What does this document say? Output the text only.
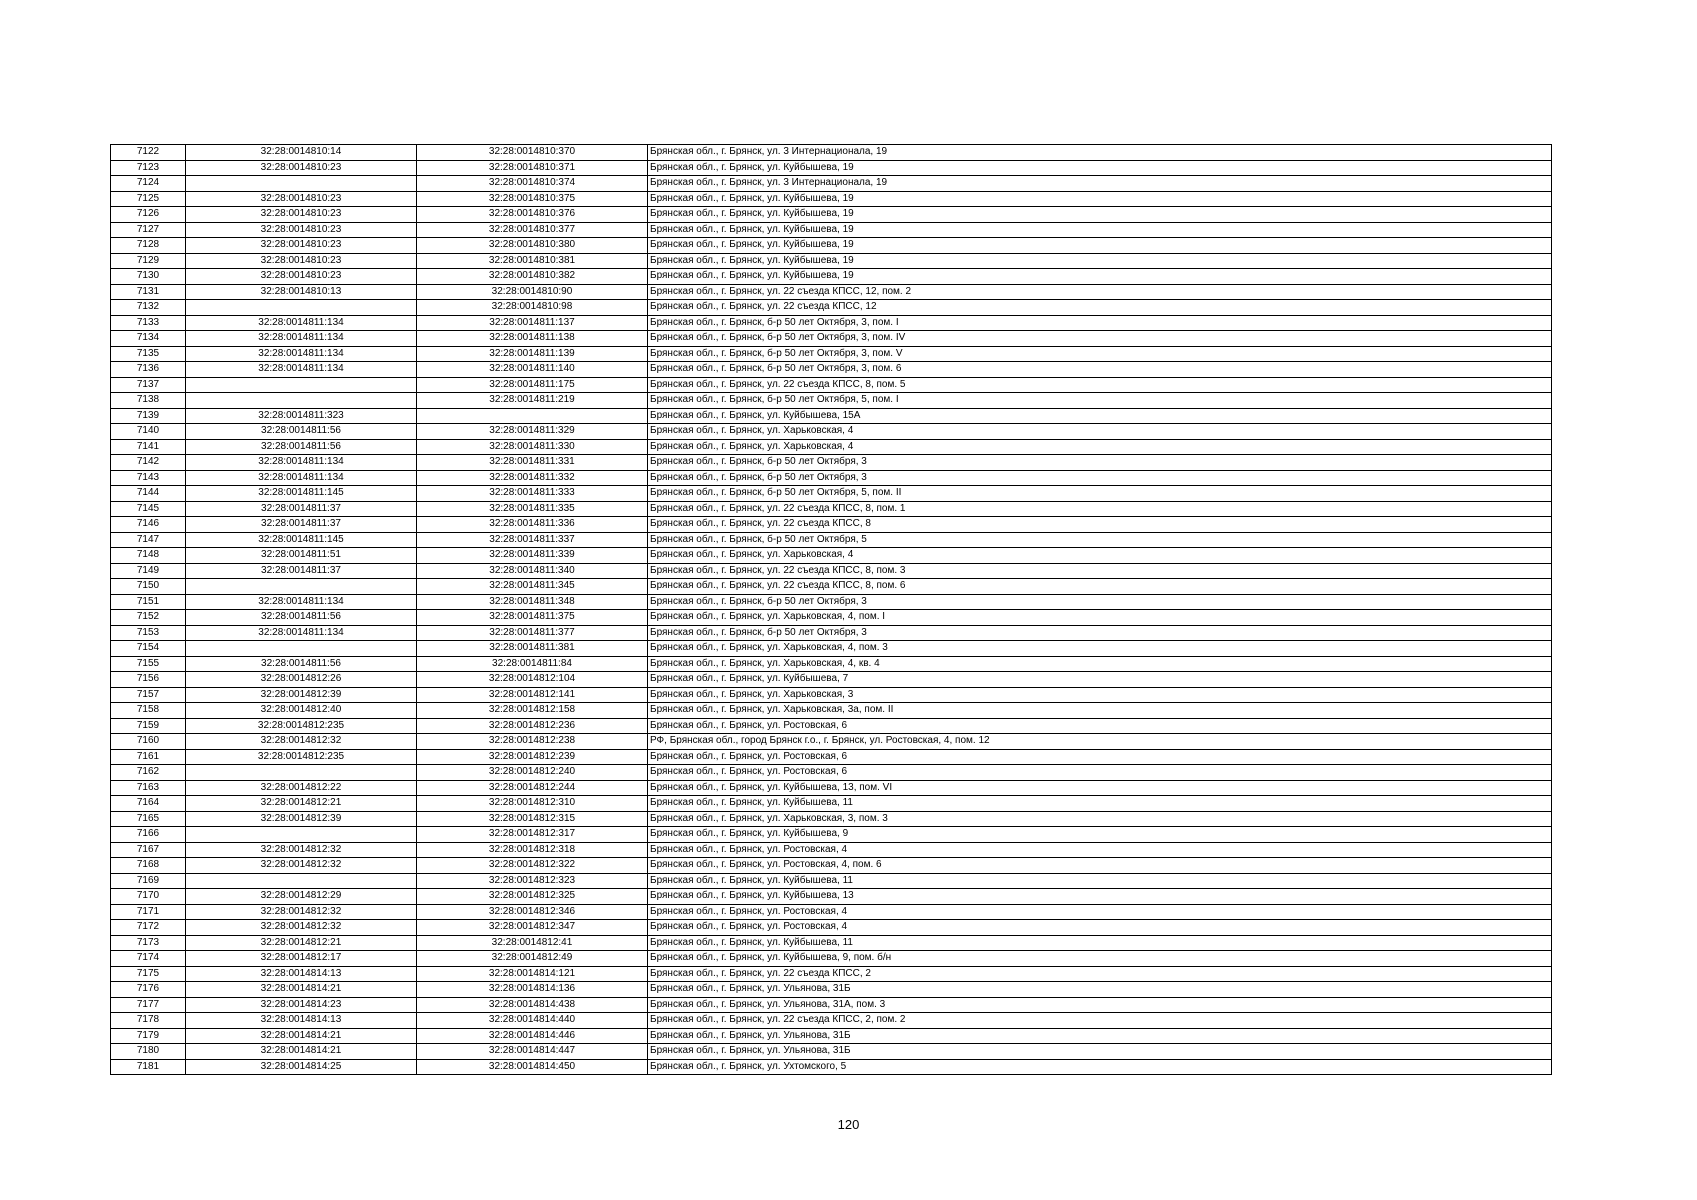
7122	32:28:0014810:14	32:28:0014810:370	Брянская обл., г. Брянск, ул. 3 Интернационала, 19
7123	32:28:0014810:23	32:28:0014810:371	Брянская обл., г. Брянск, ул. Куйбышева, 19
7124		32:28:0014810:374	Брянская обл., г. Брянск, ул. 3 Интернационала, 19
7125	32:28:0014810:23	32:28:0014810:375	Брянская обл., г. Брянск, ул. Куйбышева, 19
7126	32:28:0014810:23	32:28:0014810:376	Брянская обл., г. Брянск, ул. Куйбышева, 19
7127	32:28:0014810:23	32:28:0014810:377	Брянская обл., г. Брянск, ул. Куйбышева, 19
7128	32:28:0014810:23	32:28:0014810:380	Брянская обл., г. Брянск, ул. Куйбышева, 19
7129	32:28:0014810:23	32:28:0014810:381	Брянская обл., г. Брянск, ул. Куйбышева, 19
7130	32:28:0014810:23	32:28:0014810:382	Брянская обл., г. Брянск, ул. Куйбышева, 19
7131	32:28:0014810:13	32:28:0014810:90	Брянская обл., г. Брянск, ул. 22 съезда КПСС, 12, пом. 2
7132		32:28:0014810:98	Брянская обл., г. Брянск, ул. 22 съезда КПСС, 12
7133	32:28:0014811:134	32:28:0014811:137	Брянская обл., г. Брянск, б-р 50 лет Октября, 3, пом. I
7134	32:28:0014811:134	32:28:0014811:138	Брянская обл., г. Брянск, б-р 50 лет Октября, 3, пом. IV
7135	32:28:0014811:134	32:28:0014811:139	Брянская обл., г. Брянск, б-р 50 лет Октября, 3, пом. V
7136	32:28:0014811:134	32:28:0014811:140	Брянская обл., г. Брянск, б-р 50 лет Октября, 3, пом. 6
7137		32:28:0014811:175	Брянская обл., г. Брянск, ул. 22 съезда КПСС, 8, пом. 5
7138		32:28:0014811:219	Брянская обл., г. Брянск, б-р 50 лет Октября, 5, пом. I
7139	32:28:0014811:323		Брянская обл., г. Брянск, ул. Куйбышева, 15А
7140	32:28:0014811:56	32:28:0014811:329	Брянская обл., г. Брянск, ул. Харьковская, 4
7141	32:28:0014811:56	32:28:0014811:330	Брянская обл., г. Брянск, ул. Харьковская, 4
7142	32:28:0014811:134	32:28:0014811:331	Брянская обл., г. Брянск, б-р 50 лет Октября, 3
7143	32:28:0014811:134	32:28:0014811:332	Брянская обл., г. Брянск, б-р 50 лет Октября, 3
7144	32:28:0014811:145	32:28:0014811:333	Брянская обл., г. Брянск, б-р 50 лет Октября, 5, пом. II
7145	32:28:0014811:37	32:28:0014811:335	Брянская обл., г. Брянск, ул. 22 съезда КПСС, 8, пом. 1
7146	32:28:0014811:37	32:28:0014811:336	Брянская обл., г. Брянск, ул. 22 съезда КПСС, 8
7147	32:28:0014811:145	32:28:0014811:337	Брянская обл., г. Брянск, б-р 50 лет Октября, 5
7148	32:28:0014811:51	32:28:0014811:339	Брянская обл., г. Брянск, ул. Харьковская, 4
7149	32:28:0014811:37	32:28:0014811:340	Брянская обл., г. Брянск, ул. 22 съезда КПСС, 8, пом. 3
7150		32:28:0014811:345	Брянская обл., г. Брянск, ул. 22 съезда КПСС, 8, пом. 6
7151	32:28:0014811:134	32:28:0014811:348	Брянская обл., г. Брянск, б-р 50 лет Октября, 3
7152	32:28:0014811:56	32:28:0014811:375	Брянская обл., г. Брянск, ул. Харьковская, 4, пом. I
7153	32:28:0014811:134	32:28:0014811:377	Брянская обл., г. Брянск, б-р 50 лет Октября, 3
7154		32:28:0014811:381	Брянская обл., г. Брянск, ул. Харьковская, 4, пом. 3
7155	32:28:0014811:56	32:28:0014811:84	Брянская обл., г. Брянск, ул. Харьковская, 4, кв. 4
7156	32:28:0014812:26	32:28:0014812:104	Брянская обл., г. Брянск, ул. Куйбышева, 7
7157	32:28:0014812:39	32:28:0014812:141	Брянская обл., г. Брянск, ул. Харьковская, 3
7158	32:28:0014812:40	32:28:0014812:158	Брянская обл., г. Брянск, ул. Харьковская, 3а, пом. II
7159	32:28:0014812:235	32:28:0014812:236	Брянская обл., г. Брянск, ул. Ростовская, 6
7160	32:28:0014812:32	32:28:0014812:238	РФ, Брянская обл., город Брянск г.о., г. Брянск, ул. Ростовская, 4, пом. 12
7161	32:28:0014812:235	32:28:0014812:239	Брянская обл., г. Брянск, ул. Ростовская, 6
7162		32:28:0014812:240	Брянская обл., г. Брянск, ул. Ростовская, 6
7163	32:28:0014812:22	32:28:0014812:244	Брянская обл., г. Брянск, ул. Куйбышева, 13, пом. VI
7164	32:28:0014812:21	32:28:0014812:310	Брянская обл., г. Брянск, ул. Куйбышева, 11
7165	32:28:0014812:39	32:28:0014812:315	Брянская обл., г. Брянск, ул. Харьковская, 3, пом. 3
7166		32:28:0014812:317	Брянская обл., г. Брянск, ул. Куйбышева, 9
7167	32:28:0014812:32	32:28:0014812:318	Брянская обл., г. Брянск, ул. Ростовская, 4
7168	32:28:0014812:32	32:28:0014812:322	Брянская обл., г. Брянск, ул. Ростовская, 4, пом. 6
7169		32:28:0014812:323	Брянская обл., г. Брянск, ул. Куйбышева, 11
7170	32:28:0014812:29	32:28:0014812:325	Брянская обл., г. Брянск, ул. Куйбышева, 13
7171	32:28:0014812:32	32:28:0014812:346	Брянская обл., г. Брянск, ул. Ростовская, 4
7172	32:28:0014812:32	32:28:0014812:347	Брянская обл., г. Брянск, ул. Ростовская, 4
7173	32:28:0014812:21	32:28:0014812:41	Брянская обл., г. Брянск, ул. Куйбышева, 11
7174	32:28:0014812:17	32:28:0014812:49	Брянская обл., г. Брянск, ул. Куйбышева, 9, пом. б/н
7175	32:28:0014814:13	32:28:0014814:121	Брянская обл., г. Брянск, ул. 22 съезда КПСС, 2
7176	32:28:0014814:21	32:28:0014814:136	Брянская обл., г. Брянск, ул. Ульянова, 31Б
7177	32:28:0014814:23	32:28:0014814:438	Брянская обл., г. Брянск, ул. Ульянова, 31А, пом. 3
7178	32:28:0014814:13	32:28:0014814:440	Брянская обл., г. Брянск, ул. 22 съезда КПСС, 2, пом. 2
7179	32:28:0014814:21	32:28:0014814:446	Брянская обл., г. Брянск, ул. Ульянова, 31Б
7180	32:28:0014814:21	32:28:0014814:447	Брянская обл., г. Брянск, ул. Ульянова, 31Б
7181	32:28:0014814:25	32:28:0014814:450	Брянская обл., г. Брянск, ул. Ухтомского, 5
120
